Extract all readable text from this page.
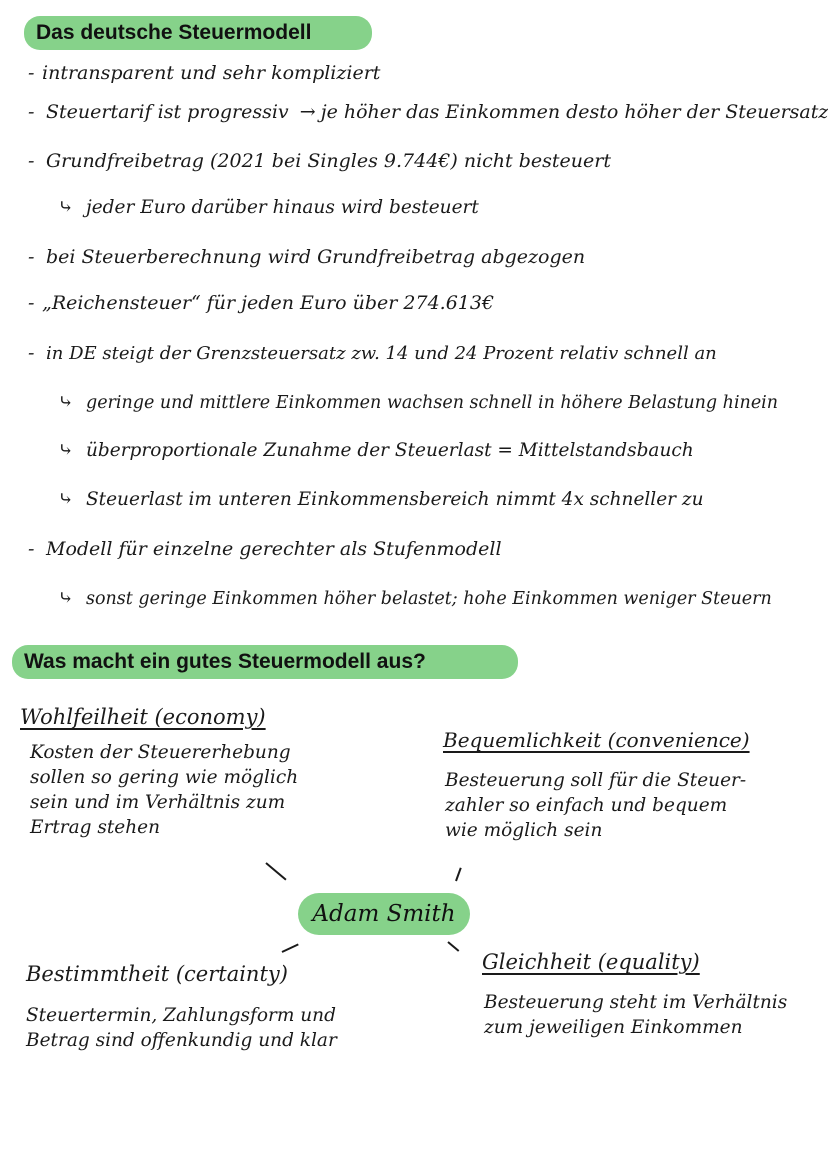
Das deutsche Steuermodell
- intransparent und sehr kompliziert
- Steuertarif ist progressiv → je höher das Einkommen desto höher der Steuersatz
- Grundfreibetrag (2021 bei Singles 9.744€) nicht besteuert
⤷ jeder Euro darüber hinaus wird besteuert
- bei Steuerberechnung wird Grundfreibetrag abgezogen
- „Reichensteuer“ für jeden Euro über 274.613€
- in DE steigt der Grenzsteuersatz zw. 14 und 24 Prozent relativ schnell an
⤷ geringe und mittlere Einkommen wachsen schnell in höhere Belastung hinein
⤷ überproportionale Zunahme der Steuerlast = Mittelstandsbauch
⤷ Steuerlast im unteren Einkommensbereich nimmt 4x schneller zu
- Modell für einzelne gerechter als Stufenmodell
⤷ sonst geringe Einkommen höher belastet; hohe Einkommen weniger Steuern
Was macht ein gutes Steuermodell aus?
Wohlfeilheit (economy)
Kosten der Steuererhebung
sollen so gering wie möglich
sein und im Verhältnis zum
Ertrag stehen
Bequemlichkeit (convenience)
Besteuerung soll für die Steuer-
zahler so einfach und bequem
wie möglich sein
Adam Smith
Bestimmtheit (certainty)
Steuertermin, Zahlungsform und
Betrag sind offenkundig und klar
Gleichheit (equality)
Besteuerung steht im Verhältnis
zum jeweiligen Einkommen
